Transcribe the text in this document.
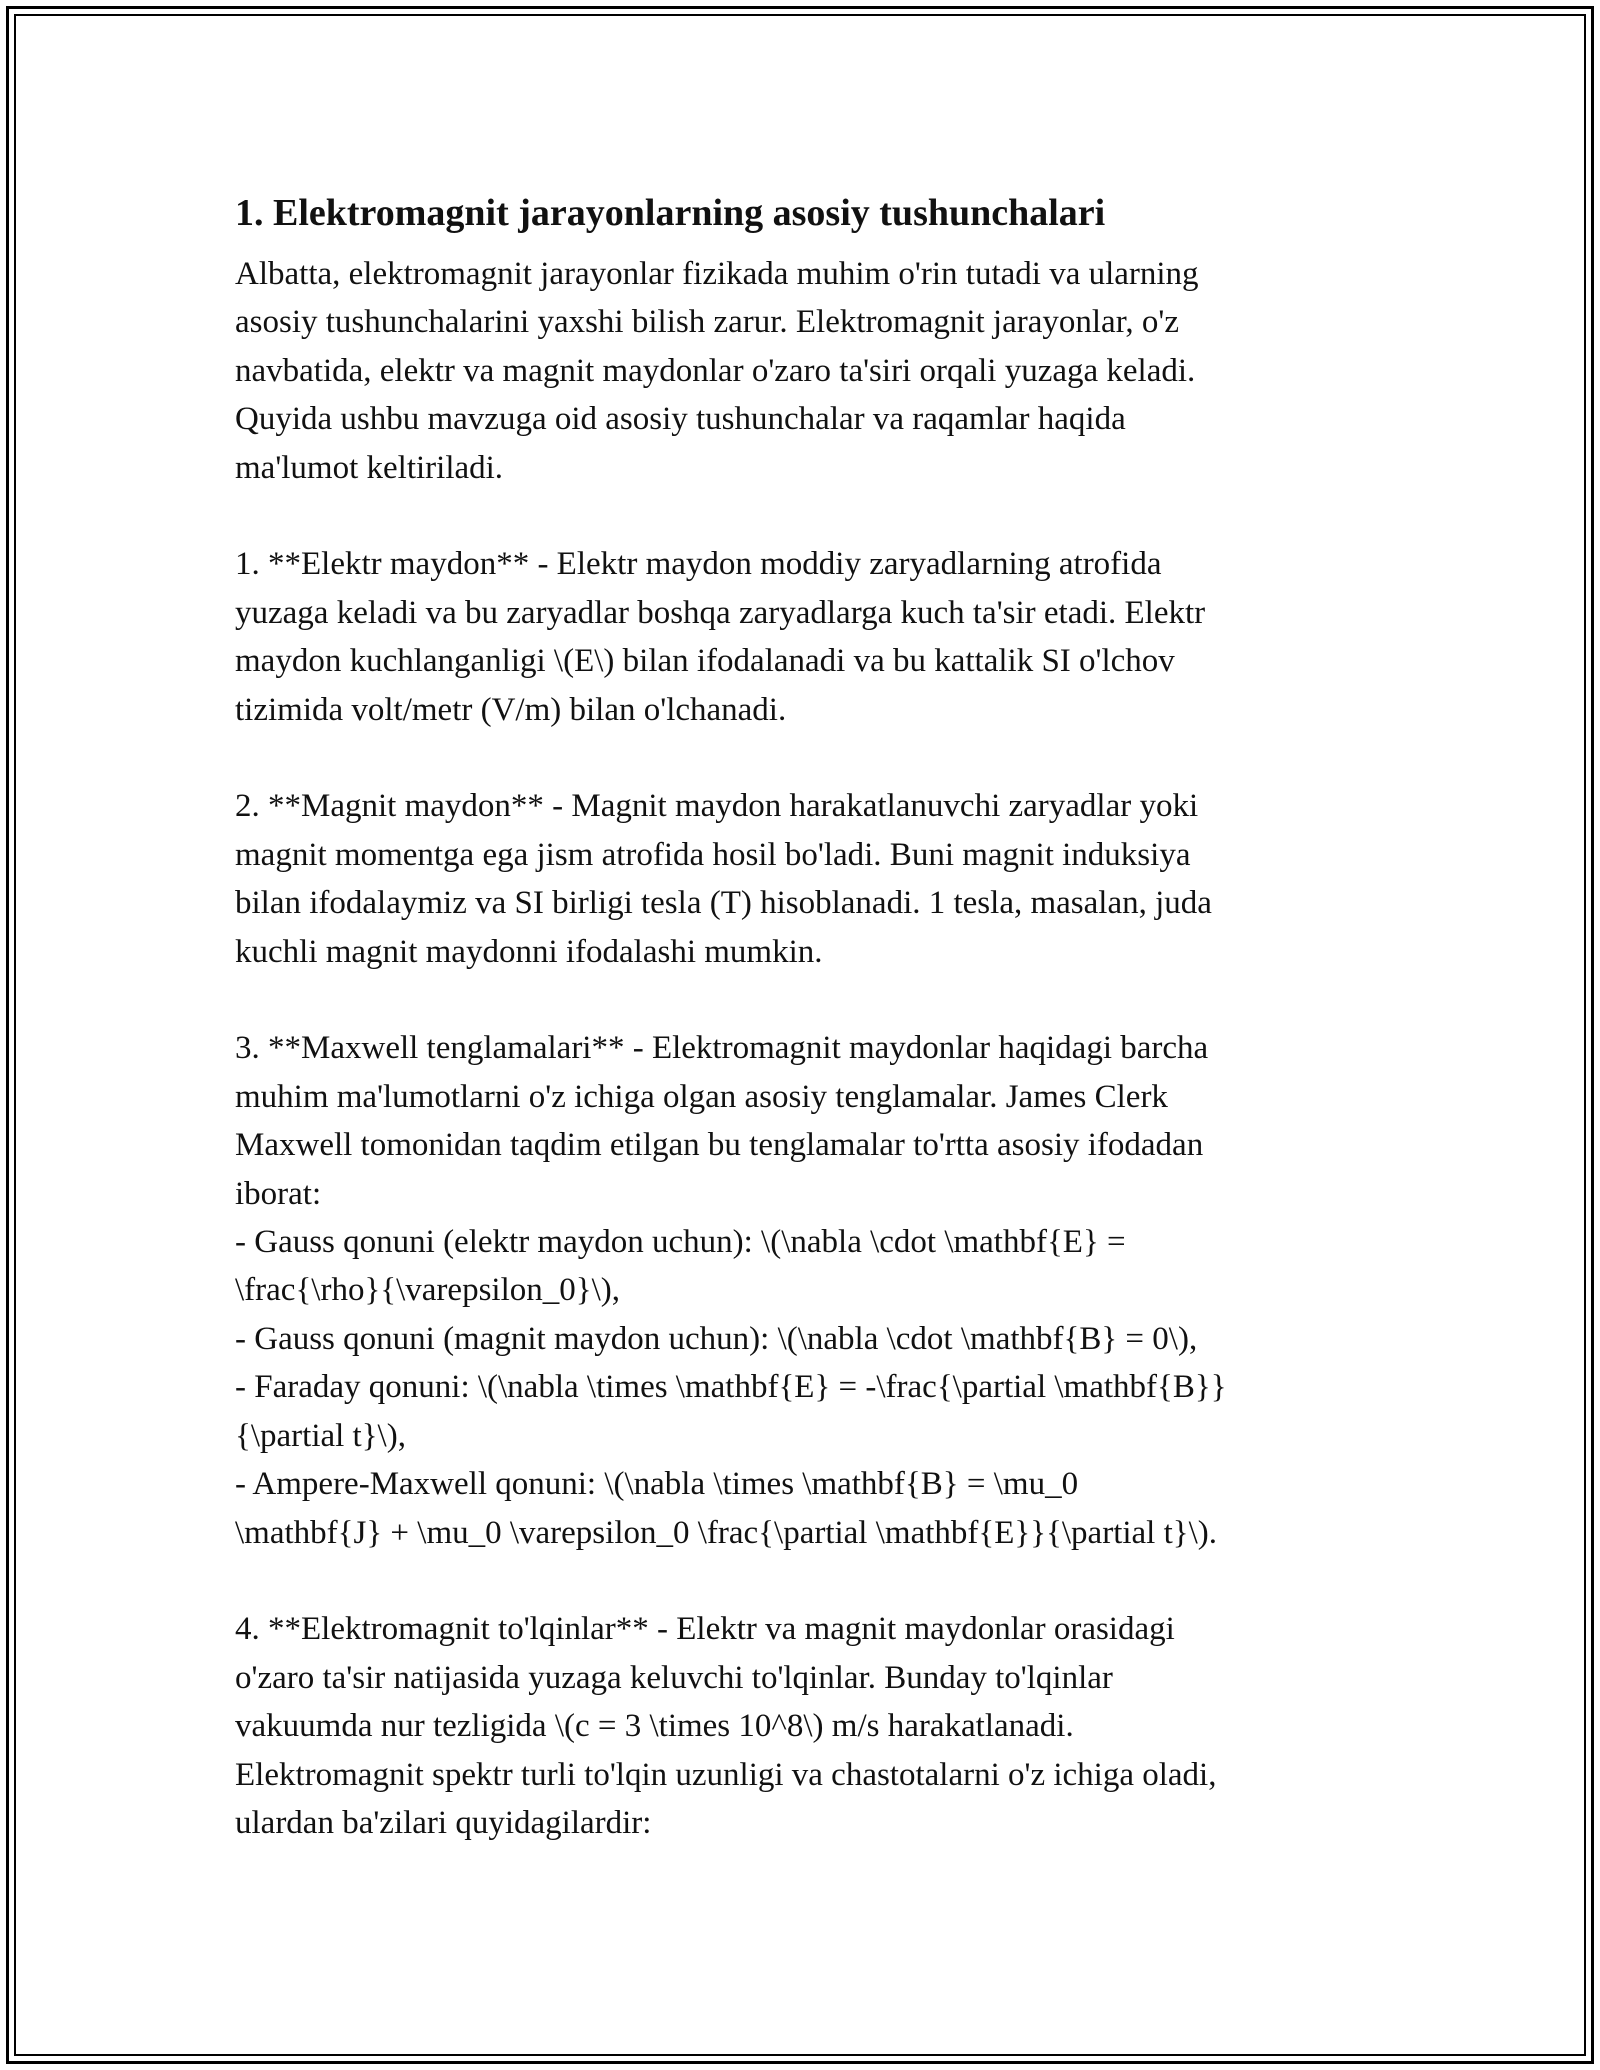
1. Elektromagnit jarayonlarning asosiy tushunchalari

Albatta, elektromagnit jarayonlar fizikada muhim o'rin tutadi va ularning
asosiy tushunchalarini yaxshi bilish zarur. Elektromagnit jarayonlar, o'z
navbatida, elektr va magnit maydonlar o'zaro ta'siri orqali yuzaga keladi.
Quyida ushbu mavzuga oid asosiy tushunchalar va raqamlar haqida
ma'lumot keltiriladi.

1. **Elektr maydon** - Elektr maydon moddiy zaryadlarning atrofida
yuzaga keladi va bu zaryadlar boshqa zaryadlarga kuch ta'sir etadi. Elektr
maydon kuchlanganligi \(E\) bilan ifodalanadi va bu kattalik SI o'lchov
tizimida volt/metr (V/m) bilan o'lchanadi.

2. **Magnit maydon** - Magnit maydon harakatlanuvchi zaryadlar yoki
magnit momentga ega jism atrofida hosil bo'ladi. Buni magnit induksiya
bilan ifodalaymiz va SI birligi tesla (T) hisoblanadi. 1 tesla, masalan, juda
kuchli magnit maydonni ifodalashi mumkin.

3. **Maxwell tenglamalari** - Elektromagnit maydonlar haqidagi barcha
muhim ma'lumotlarni o'z ichiga olgan asosiy tenglamalar. James Clerk
Maxwell tomonidan taqdim etilgan bu tenglamalar to'rtta asosiy ifodadan
iborat:
- Gauss qonuni (elektr maydon uchun): \(\nabla \cdot \mathbf{E} =
\frac{\rho}{\varepsilon_0}\),
- Gauss qonuni (magnit maydon uchun): \(\nabla \cdot \mathbf{B} = 0\),
- Faraday qonuni: \(\nabla \times \mathbf{E} = -\frac{\partial \mathbf{B}}
{\partial t}\),
- Ampere-Maxwell qonuni: \(\nabla \times \mathbf{B} = \mu_0
\mathbf{J} + \mu_0 \varepsilon_0 \frac{\partial \mathbf{E}}{\partial t}\).

4. **Elektromagnit to'lqinlar** - Elektr va magnit maydonlar orasidagi
o'zaro ta'sir natijasida yuzaga keluvchi to'lqinlar. Bunday to'lqinlar
vakuumda nur tezligida \(c = 3 \times 10^8\) m/s harakatlanadi.
Elektromagnit spektr turli to'lqin uzunligi va chastotalarni o'z ichiga oladi,
ulardan ba'zilari quyidagilardir:
